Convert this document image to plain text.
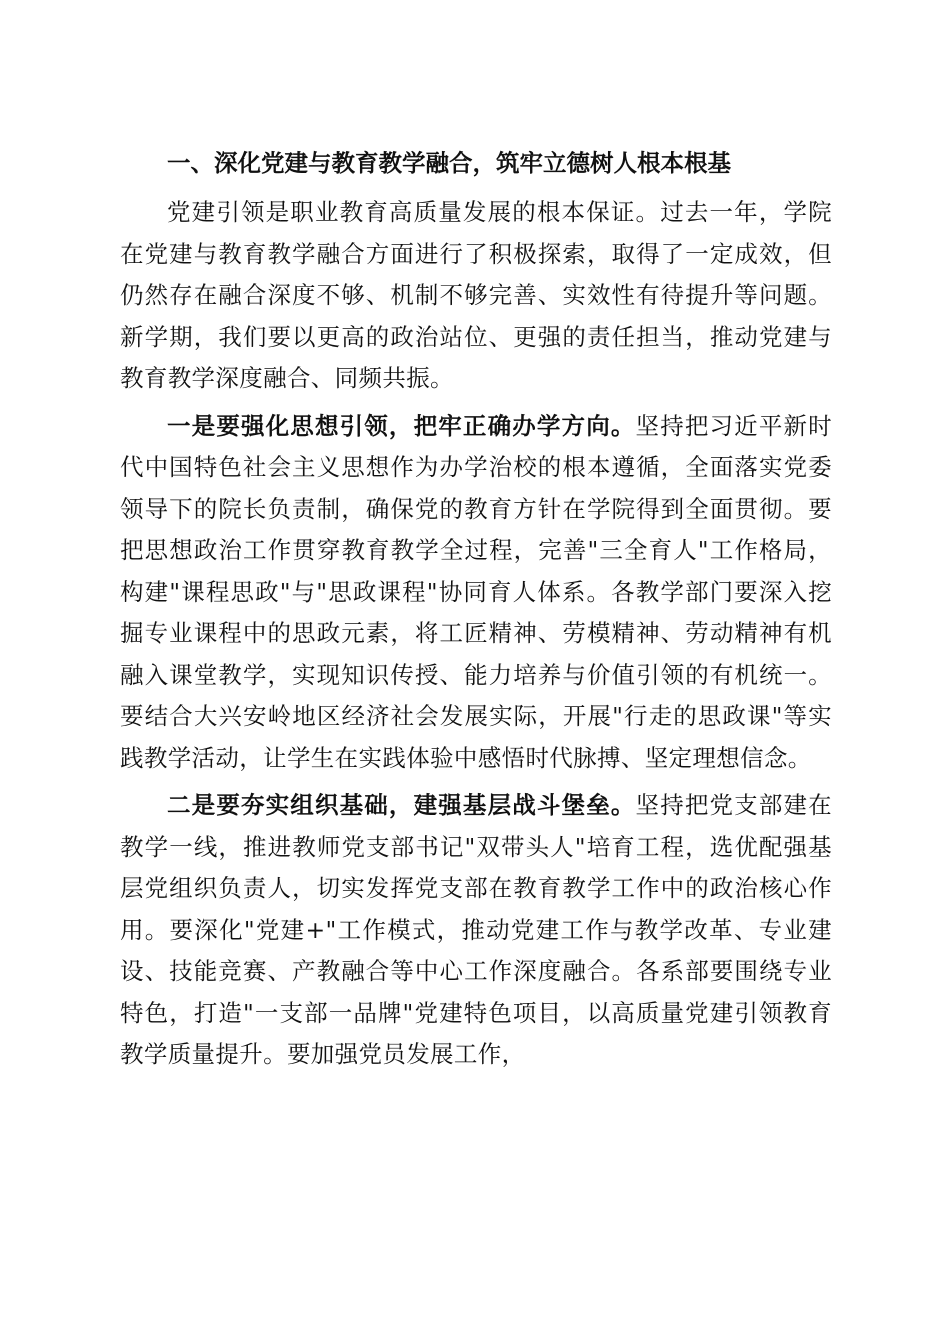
一、深化党建与教育教学融合，筑牢立德树人根本根基

党建引领是职业教育高质量发展的根本保证。过去一年，学院在党建与教育教学融合方面进行了积极探索，取得了一定成效，但仍然存在融合深度不够、机制不够完善、实效性有待提升等问题。新学期，我们要以更高的政治站位、更强的责任担当，推动党建与教育教学深度融合、同频共振。

一是要强化思想引领，把牢正确办学方向。坚持把习近平新时代中国特色社会主义思想作为办学治校的根本遵循，全面落实党委领导下的院长负责制，确保党的教育方针在学院得到全面贯彻。要把思想政治工作贯穿教育教学全过程，完善"三全育人"工作格局，构建"课程思政"与"思政课程"协同育人体系。各教学部门要深入挖掘专业课程中的思政元素，将工匠精神、劳模精神、劳动精神有机融入课堂教学，实现知识传授、能力培养与价值引领的有机统一。要结合大兴安岭地区经济社会发展实际，开展"行走的思政课"等实践教学活动，让学生在实践体验中感悟时代脉搏、坚定理想信念。

二是要夯实组织基础，建强基层战斗堡垒。坚持把党支部建在教学一线，推进教师党支部书记"双带头人"培育工程，选优配强基层党组织负责人，切实发挥党支部在教育教学工作中的政治核心作用。要深化"党建+"工作模式，推动党建工作与教学改革、专业建设、技能竞赛、产教融合等中心工作深度融合。各系部要围绕专业特色，打造"一支部一品牌"党建特色项目，以高质量党建引领教育教学质量提升。要加强党员发展工作，
